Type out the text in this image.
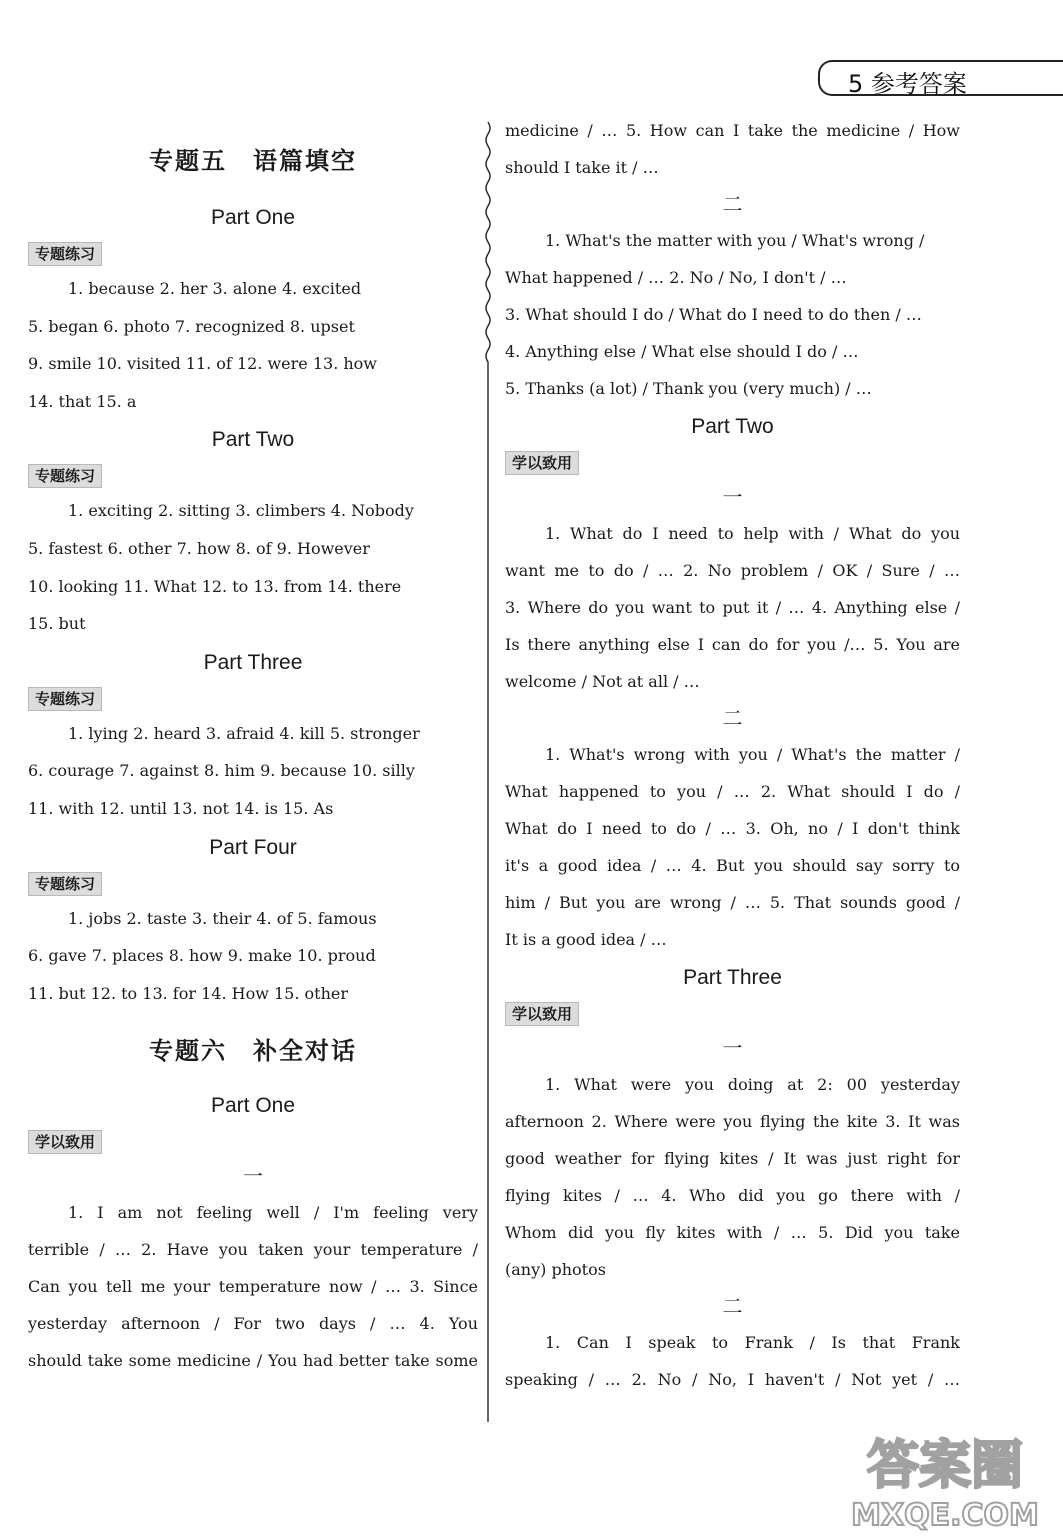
5 参考答案
专题五　语篇填空
Part One
专题练习
1. because 2. her 3. alone 4. excited
5. began 6. photo 7. recognized 8. upset
9. smile 10. visited 11. of 12. were 13. how
14. that 15. a
Part Two
专题练习
1. exciting 2. sitting 3. climbers 4. Nobody
5. fastest 6. other 7. how 8. of 9. However
10. looking 11. What 12. to 13. from 14. there
15. but
Part Three
专题练习
1. lying 2. heard 3. afraid 4. kill 5. stronger
6. courage 7. against 8. him 9. because 10. silly
11. with 12. until 13. not 14. is 15. As
Part Four
专题练习
1. jobs 2. taste 3. their 4. of 5. famous
6. gave 7. places 8. how 9. make 10. proud
11. but 12. to 13. for 14. How 15. other
专题六　补全对话
Part One
学以致用
一
1. I am not feeling well / I'm feeling very
terrible / … 2. Have you taken your temperature /
Can you tell me your temperature now / … 3. Since
yesterday afternoon / For two days / … 4. You
should take some medicine / You had better take some
medicine / … 5. How can I take the medicine / How
should I take it / …
二
1. What's the matter with you / What's wrong /
What happened / … 2. No / No, I don't / …
3. What should I do / What do I need to do then / …
4. Anything else / What else should I do / …
5. Thanks (a lot) / Thank you (very much) / …
Part Two
学以致用
一
1. What do I need to help with / What do you
want me to do / … 2. No problem / OK / Sure / …
3. Where do you want to put it / … 4. Anything else /
Is there anything else I can do for you /… 5. You are
welcome / Not at all / …
二
1. What's wrong with you / What's the matter /
What happened to you / … 2. What should I do /
What do I need to do / … 3. Oh, no / I don't think
it's a good idea / … 4. But you should say sorry to
him / But you are wrong / … 5. That sounds good /
It is a good idea / …
Part Three
学以致用
一
1. What were you doing at 2: 00 yesterday
afternoon 2. Where were you flying the kite 3. It was
good weather for flying kites / It was just right for
flying kites / … 4. Who did you go there with /
Whom did you fly kites with / … 5. Did you take
(any) photos
二
1. Can I speak to Frank / Is that Frank
speaking / … 2. No / No, I haven't / Not yet / …
答案圈
MXQE.COM
